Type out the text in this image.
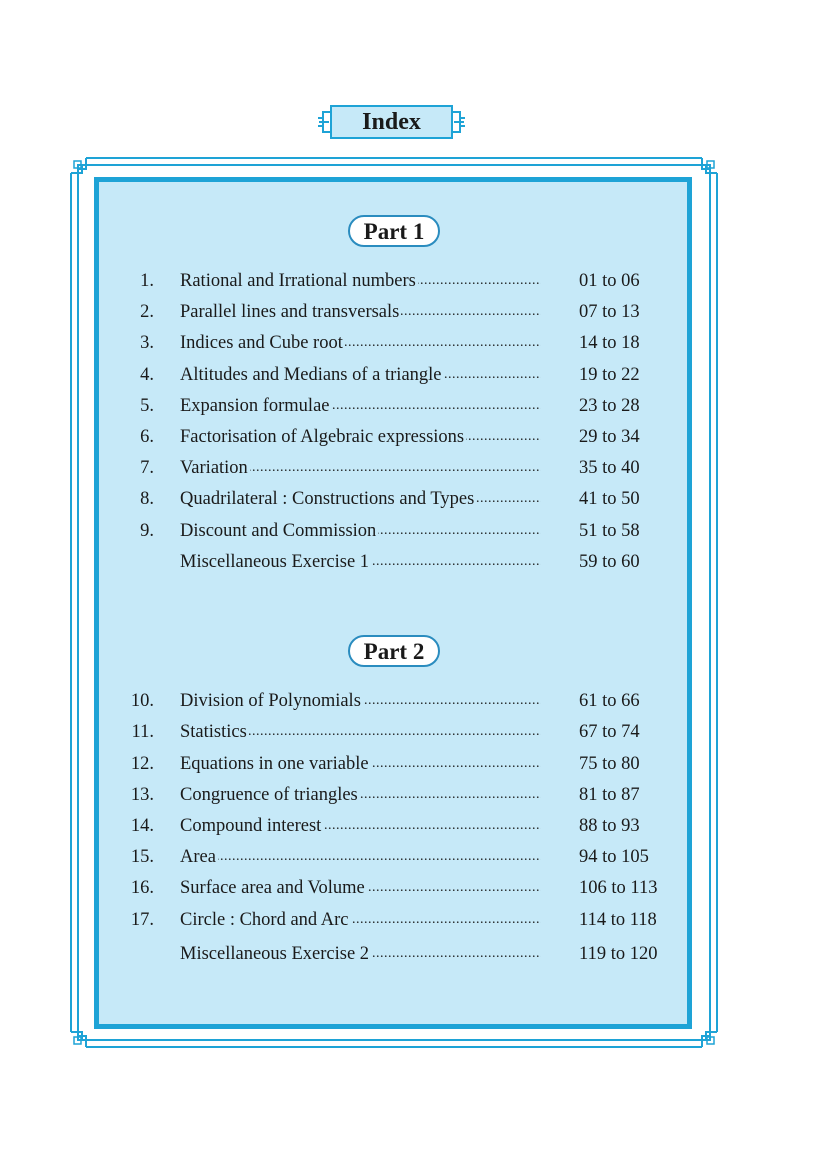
Index
Part 1
1. Rational and Irrational numbers .....	01 to 06
2. Parallel lines and transversals .....	07 to 13
3. Indices and Cube root .....	14 to 18
4. Altitudes and Medians of a triangle .....	19 to 22
5. Expansion formulae .....	23 to 28
6. Factorisation of Algebraic expressions .....	29 to 34
7. Variation .....	35 to 40
8. Quadrilateral : Constructions and Types .....	41 to 50
9. Discount and Commission .....	51 to 58
Miscellaneous Exercise 1 .....	59 to 60
Part 2
10. Division of Polynomials .....	61 to 66
11. Statistics .....	67 to 74
12. Equations in one variable .....	75 to 80
13. Congruence of triangles .....	81 to 87
14. Compound interest .....	88 to 93
15. Area .....	94 to 105
16. Surface area and Volume .....	106 to 113
17. Circle : Chord and Arc .....	114 to 118
Miscellaneous Exercise 2 .....	119 to 120
